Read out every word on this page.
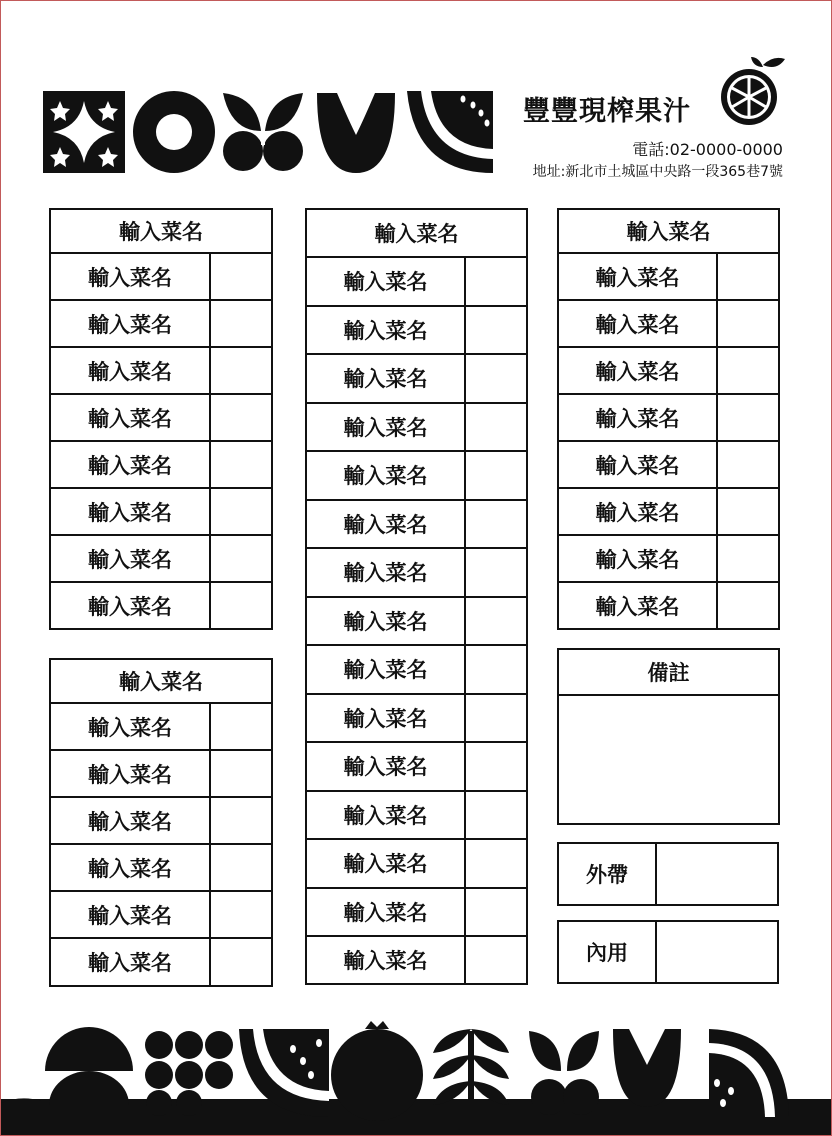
豐豐現榨果汁
電話:02-0000-0000
地址:新北市土城區中央路一段365巷7號
輸入菜名
輸入菜名
輸入菜名
輸入菜名
輸入菜名
輸入菜名
輸入菜名
輸入菜名
輸入菜名
輸入菜名
輸入菜名
輸入菜名
輸入菜名
輸入菜名
輸入菜名
輸入菜名
輸入菜名
輸入菜名
輸入菜名
輸入菜名
輸入菜名
輸入菜名
輸入菜名
輸入菜名
輸入菜名
輸入菜名
輸入菜名
輸入菜名
輸入菜名
輸入菜名
輸入菜名
輸入菜名
輸入菜名
輸入菜名
輸入菜名
輸入菜名
輸入菜名
輸入菜名
輸入菜名
輸入菜名
輸入菜名
備註
外帶
內用
